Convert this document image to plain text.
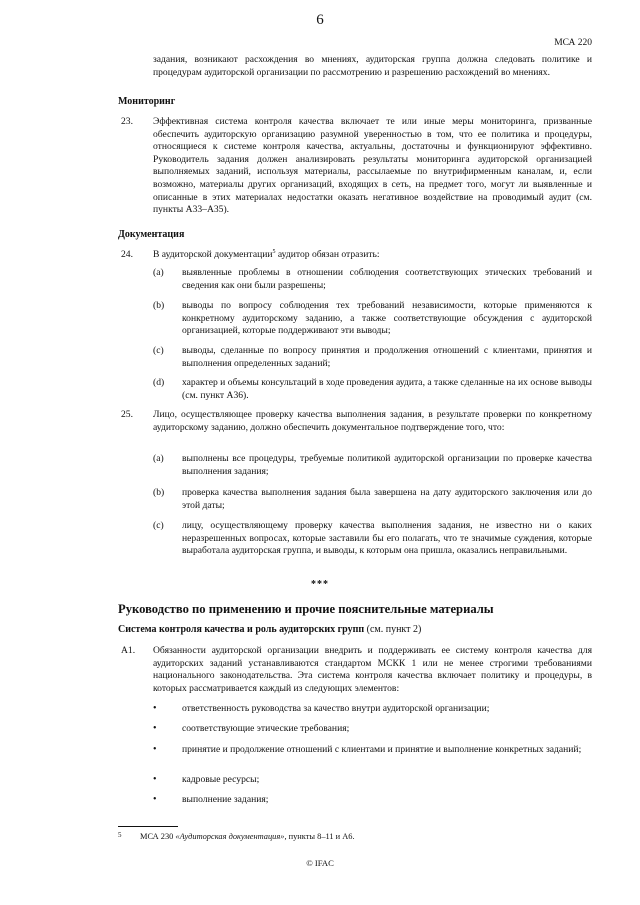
6
МСА 220
задания, возникают расхождения во мнениях, аудиторская группа должна следовать политике и процедурам аудиторской организации по рассмотрению и разрешению расхождений во мнениях.
Мониторинг
23. Эффективная система контроля качества включает те или иные меры мониторинга, призванные обеспечить аудиторскую организацию разумной уверенностью в том, что ее политика и процедуры, относящиеся к системе контроля качества, актуальны, достаточны и функционируют эффективно. Руководитель задания должен анализировать результаты мониторинга аудиторской организацией выполняемых заданий, используя материалы, рассылаемые по внутрифирменным каналам, и, если возможно, материалы других организаций, входящих в сеть, на предмет того, могут ли выявленные и описанные в этих материалах недостатки оказать негативное воздействие на проводимый аудит (см. пункты А33–А35).
Документация
24. В аудиторской документации$^5$ аудитор обязан отразить:
(a) выявленные проблемы в отношении соблюдения соответствующих этических требований и сведения как они были разрешены;
(b) выводы по вопросу соблюдения тех требований независимости, которые применяются к конкретному аудиторскому заданию, а также соответствующие обсуждения с аудиторской организацией, которые поддерживают эти выводы;
(c) выводы, сделанные по вопросу принятия и продолжения отношений с клиентами, принятия и выполнения определенных заданий;
(d) характер и объемы консультаций в ходе проведения аудита, а также сделанные на их основе выводы (см. пункт А36).
25. Лицо, осуществляющее проверку качества выполнения задания, в результате проверки по конкретному аудиторскому заданию, должно обеспечить документальное подтверждение того, что:
(a) выполнены все процедуры, требуемые политикой аудиторской организации по проверке качества выполнения задания;
(b) проверка качества выполнения задания была завершена на дату аудиторского заключения или до этой даты;
(c) лицу, осуществляющему проверку качества выполнения задания, не известно ни о каких неразрешенных вопросах, которые заставили бы его полагать, что те значимые суждения, которые выработала аудиторская группа, и выводы, к которым она пришла, оказались неправильными.
***
Руководство по применению и прочие пояснительные материалы
Система контроля качества и роль аудиторских групп (см. пункт 2)
A1. Обязанности аудиторской организации внедрить и поддерживать ее систему контроля качества для аудиторских заданий устанавливаются стандартом МСКК 1 или не менее строгими требованиями национального законодательства. Эта система контроля качества включает политику и процедуры, в которых рассматривается каждый из следующих элементов:
•	ответственность руководства за качество внутри аудиторской организации;
•	соответствующие этические требования;
•	принятие и продолжение отношений с клиентами и принятие и выполнение конкретных заданий;
•	кадровые ресурсы;
•	выполнение задания;
5 МСА 230 «Аудиторская документация», пункты 8–11 и А6.
© IFAC
